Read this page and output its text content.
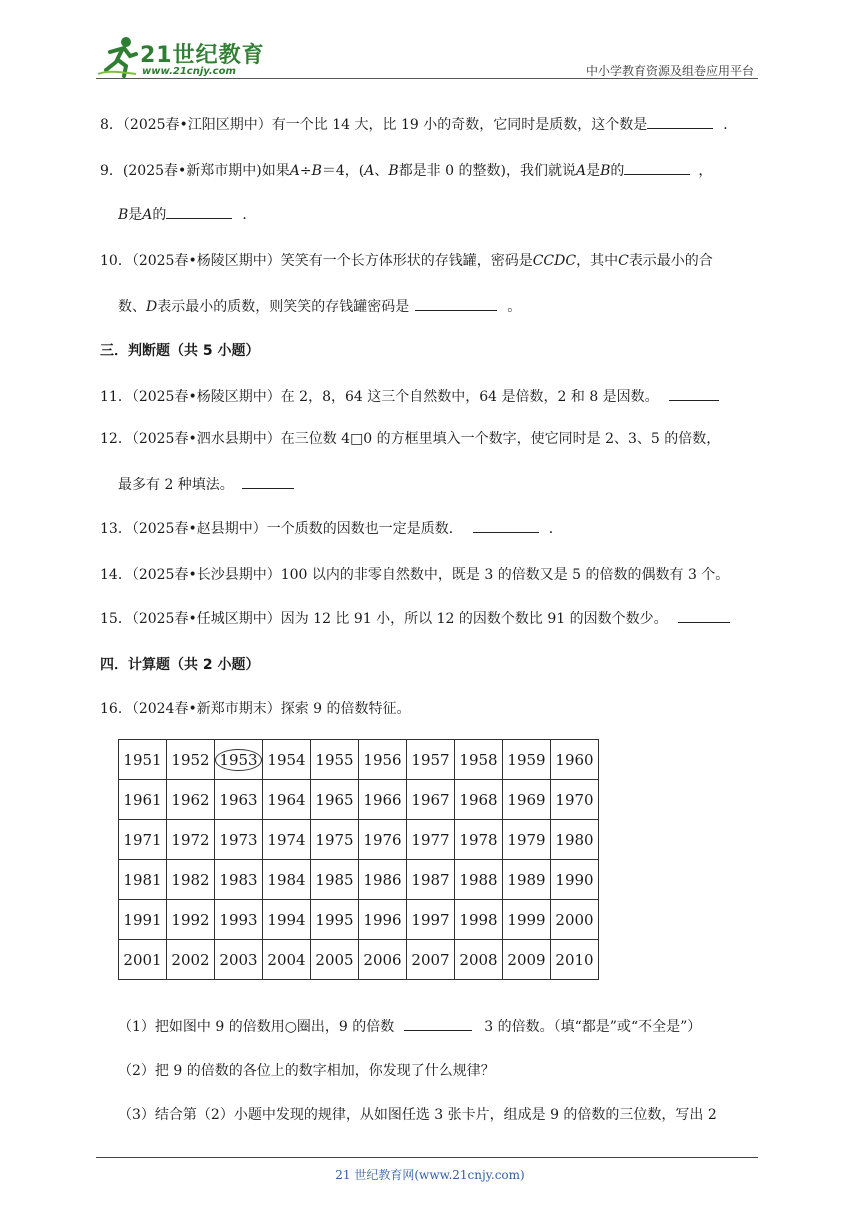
21世纪教育
www.21cnjy.com	中小学教育资源及组卷应用平台
8．（2025春•江阳区期中）有一个比 14 大，比 19 小的奇数，它同时是质数，这个数是	．
9．(2025春•新郑市期中)如果A÷B＝4，(A、B都是非 0 的整数)，我们就说A是B的	，
B是A的	．
10．（2025春•杨陵区期中）笑笑有一个长方体形状的存钱罐，密码是CCDC，其中C表示最小的合
数、D表示最小的质数，则笑笑的存钱罐密码是	。
三．判断题（共 5 小题）
11．（2025春•杨陵区期中）在 2，8，64 这三个自然数中，64 是倍数，2 和 8 是因数。
12．（2025春•泗水县期中）在三位数 4□0 的方框里填入一个数字，使它同时是 2、3、5 的倍数，
最多有 2 种填法。
13．（2025春•赵县期中）一个质数的因数也一定是质数．	．
14．（2025春•长沙县期中）100 以内的非零自然数中，既是 3 的倍数又是 5 的倍数的偶数有 3 个。
15．（2025春•任城区期中）因为 12 比 91 小，所以 12 的因数个数比 91 的因数个数少。
四．计算题（共 2 小题）
16．（2024春•新郑市期末）探索 9 的倍数特征。
1951	1952	1953	1954	1955	1956	1957	1958	1959	1960
1961	1962	1963	1964	1965	1966	1967	1968	1969	1970
1971	1972	1973	1974	1975	1976	1977	1978	1979	1980
1981	1982	1983	1984	1985	1986	1987	1988	1989	1990
1991	1992	1993	1994	1995	1996	1997	1998	1999	2000
2001	2002	2003	2004	2005	2006	2007	2008	2009	2010
（1）把如图中 9 的倍数用○圈出，9 的倍数	3 的倍数。（填“都是”或“不全是”）
（2）把 9 的倍数的各位上的数字相加，你发现了什么规律？
（3）结合第（2）小题中发现的规律，从如图任选 3 张卡片，组成是 9 的倍数的三位数，写出 2
21 世纪教育网(www.21cnjy.com)
